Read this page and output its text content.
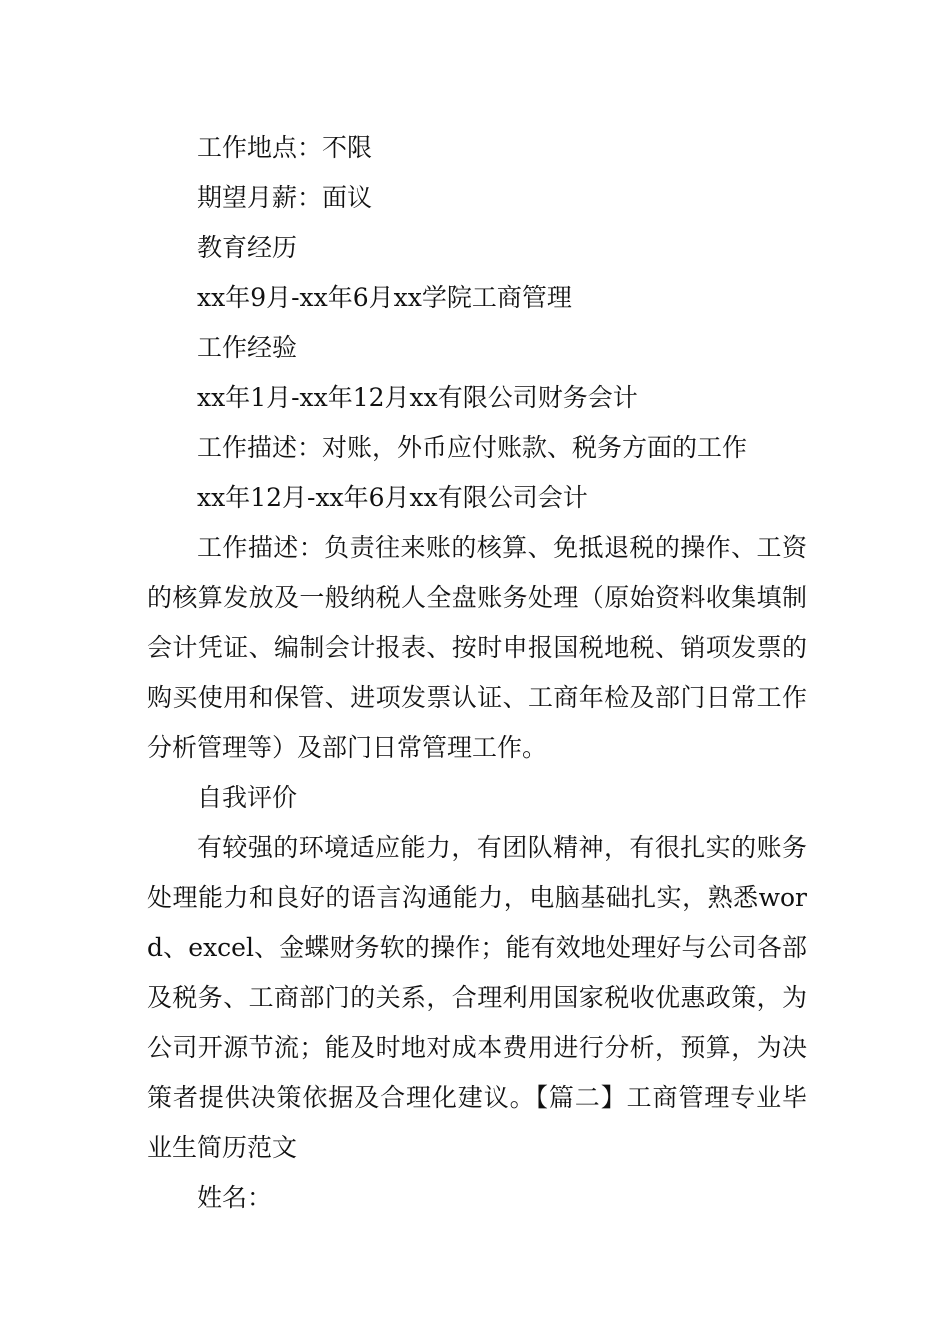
工作地点：不限

期望月薪：面议

教育经历

xx年9月-xx年6月xx学院工商管理

工作经验

xx年1月-xx年12月xx有限公司财务会计

工作描述：对账，外币应付账款、税务方面的工作

xx年12月-xx年6月xx有限公司会计

工作描述：负责往来账的核算、免抵退税的操作、工资的核算发放及一般纳税人全盘账务处理（原始资料收集填制会计凭证、编制会计报表、按时申报国税地税、销项发票的购买使用和保管、进项发票认证、工商年检及部门日常工作分析管理等）及部门日常管理工作。

自我评价

有较强的环境适应能力，有团队精神，有很扎实的账务处理能力和良好的语言沟通能力，电脑基础扎实，熟悉word、excel、金蝶财务软的操作；能有效地处理好与公司各部及税务、工商部门的关系，合理利用国家税收优惠政策，为公司开源节流；能及时地对成本费用进行分析，预算，为决策者提供决策依据及合理化建议。【篇二】工商管理专业毕业生简历范文

姓名：
